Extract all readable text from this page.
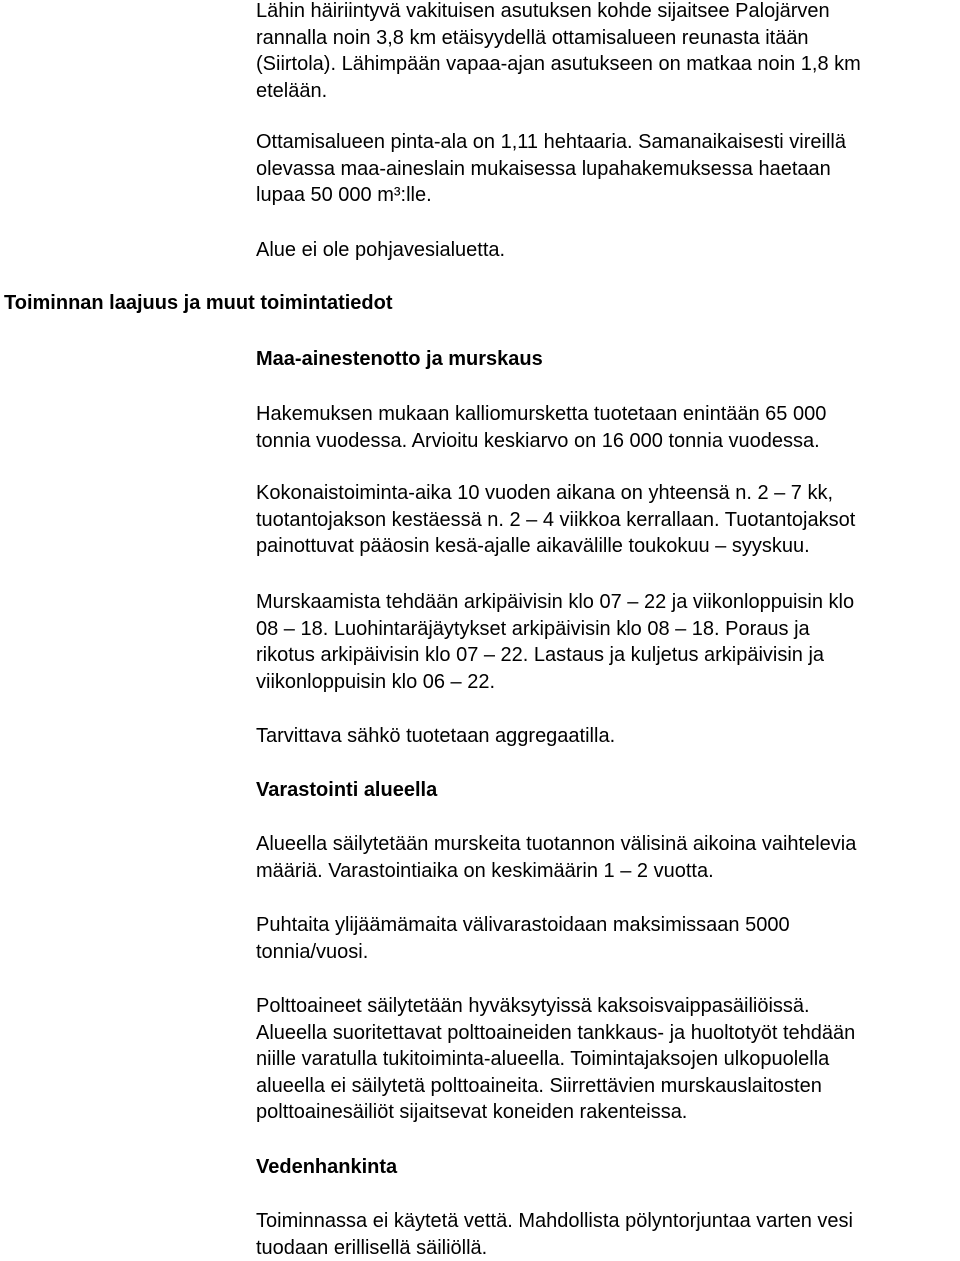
Toiminnan laajuus ja muut toimintatiedot
Lähin häiriintyvä vakituisen asutuksen kohde sijaitsee Palojärven
rannalla noin 3,8 km etäisyydellä ottamisalueen reunasta itään
(Siirtola). Lähimpään vapaa-ajan asutukseen on matkaa noin 1,8 km
etelään.
Ottamisalueen pinta-ala on 1,11 hehtaaria. Samanaikaisesti vireillä
olevassa maa-aineslain mukaisessa lupahakemuksessa haetaan
lupaa 50 000 m³:lle.
Alue ei ole pohjavesialuetta.
Maa-ainestenotto ja murskaus
Hakemuksen mukaan kalliomursketta tuotetaan enintään 65 000
tonnia vuodessa. Arvioitu keskiarvo on 16 000 tonnia vuodessa.
Kokonaistoiminta-aika 10 vuoden aikana on yhteensä n. 2 – 7 kk,
tuotantojakson kestäessä n. 2 – 4 viikkoa kerrallaan. Tuotantojaksot
painottuvat pääosin kesä-ajalle aikavälille toukokuu – syyskuu.
Murskaamista tehdään arkipäivisin klo 07 – 22 ja viikonloppuisin klo
08 – 18. Luohintaräjäytykset arkipäivisin klo 08 – 18. Poraus ja
rikotus arkipäivisin klo 07 – 22. Lastaus ja kuljetus arkipäivisin ja
viikonloppuisin klo 06 – 22.
Tarvittava sähkö tuotetaan aggregaatilla.
Varastointi alueella
Alueella säilytetään murskeita tuotannon välisinä aikoina vaihtelevia
määriä. Varastointiaika on keskimäärin 1 – 2 vuotta.
Puhtaita ylijäämämaita välivarastoidaan maksimissaan 5000
tonnia/vuosi.
Polttoaineet säilytetään hyväksytyissä kaksoisvaippasäiliöissä.
Alueella suoritettavat polttoaineiden tankkaus- ja huoltotyöt tehdään
niille varatulla tukitoiminta-alueella. Toimintajaksojen ulkopuolella
alueella ei säilytetä polttoaineita. Siirrettävien murskauslaitosten
polttoainesäiliöt sijaitsevat koneiden rakenteissa.
Vedenhankinta
Toiminnassa ei käytetä vettä. Mahdollista pölyntorjuntaa varten vesi
tuodaan erillisellä säiliöllä.
